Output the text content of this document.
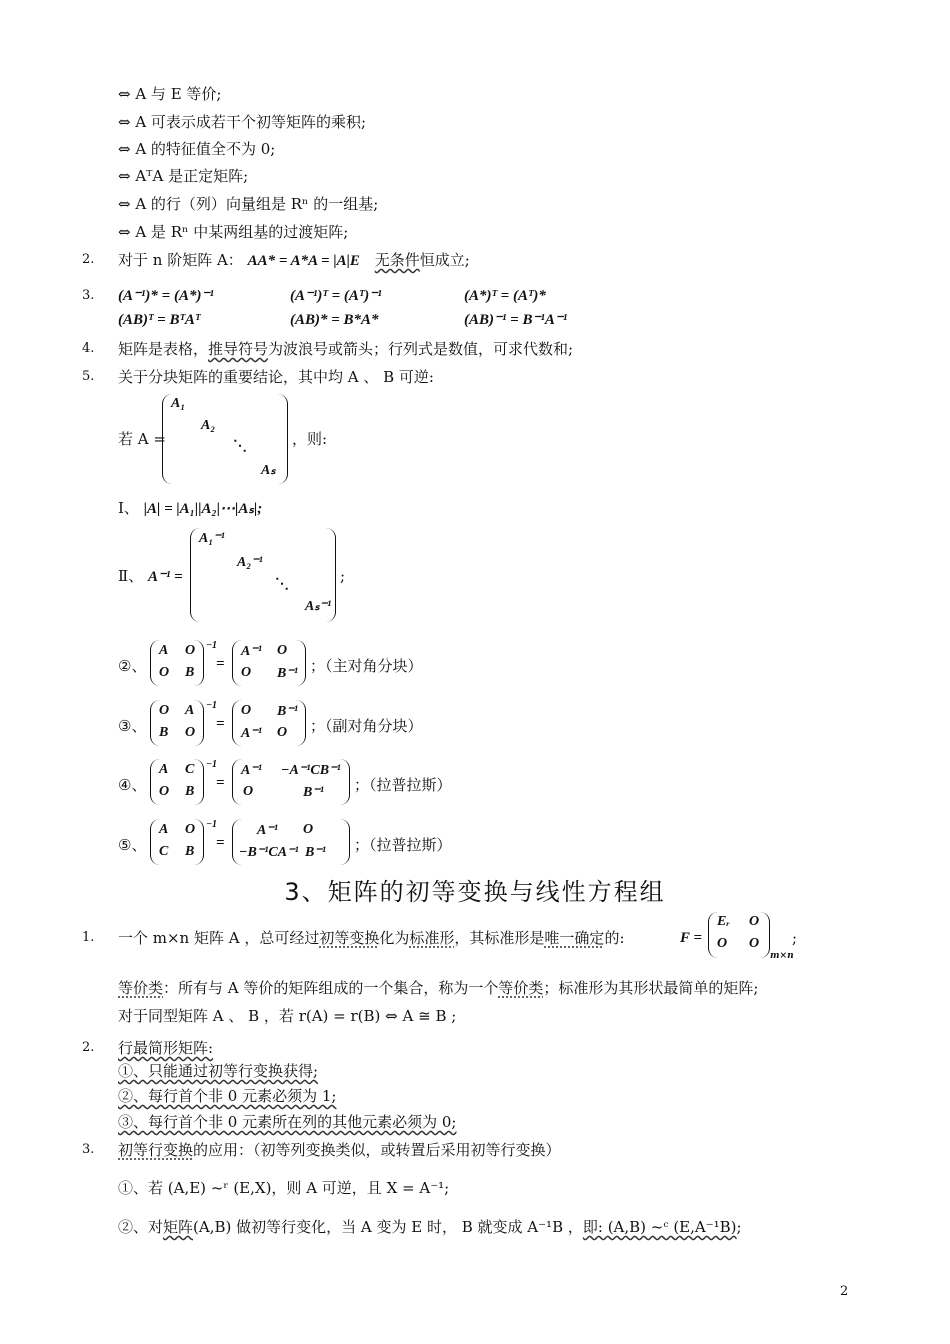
⇔ A 与 E 等价;
⇔ A 可表示成若干个初等矩阵的乘积;
⇔ A 的特征值全不为 0;
⇔ AᵀA 是正定矩阵;
⇔ A 的行（列）向量组是 Rⁿ 的一组基;
⇔ A 是 Rⁿ 中某两组基的过渡矩阵;
2. 对于 n 阶矩阵 A： AA* = A*A = |A|E 无条件恒成立;
3. (A⁻¹)* = (A*)⁻¹	(A⁻¹)ᵀ = (Aᵀ)⁻¹	(A*)ᵀ = (Aᵀ)*
(AB)ᵀ = BᵀAᵀ	(AB)* = B*A*	(AB)⁻¹ = B⁻¹A⁻¹
4. 矩阵是表格，推导符号为波浪号或箭头；行列式是数值，可求代数和;
5. 关于分块矩阵的重要结论，其中均 A 、 B 可逆:
若 A =
A₁
A₂
⋱
Aₛ
，则:
Ⅰ、 |A| = |A₁||A₂|⋯|Aₛ|;
Ⅱ、 A⁻¹ =
A₁⁻¹
A₂⁻¹
⋱
Aₛ⁻¹
;
②、
A O
O B
−1
=
A⁻¹ O
O B⁻¹ ；（主对角分块）
③、
O A
B O
−1
=
O B⁻¹
A⁻¹ O ；（副对角分块）
④、
A C
O B
−1
=
A⁻¹ −A⁻¹CB⁻¹
O	B⁻¹ ；（拉普拉斯）
⑤、
A O
C B
−1
=
A⁻¹ O
−B⁻¹CA⁻¹ B⁻¹ ；（拉普拉斯）
3、矩阵的初等变换与线性方程组
1. 一个 m×n 矩阵 A ，总可经过初等变换化为标准形，其标准形是唯一确定的:	F =
Eᵣ O
O O
m×n
;
等价类：所有与 A 等价的矩阵组成的一个集合，称为一个等价类；标准形为其形状最简单的矩阵;
对于同型矩阵 A 、 B ，若 r(A) = r(B) ⇔ A ≅ B ;
2. 行最简形矩阵:
①、只能通过初等行变换获得;
②、每行首个非 0 元素必须为 1;
③、每行首个非 0 元素所在列的其他元素必须为 0;
3. 初等行变换的应用：（初等列变换类似，或转置后采用初等行变换）
①、若 (A,E) ~ʳ (E,X)，则 A 可逆，且 X = A⁻¹;
②、对矩阵(A,B) 做初等行变化，当 A 变为 E 时， B 就变成 A⁻¹B ，即: (A,B) ~ᶜ (E,A⁻¹B);
2
